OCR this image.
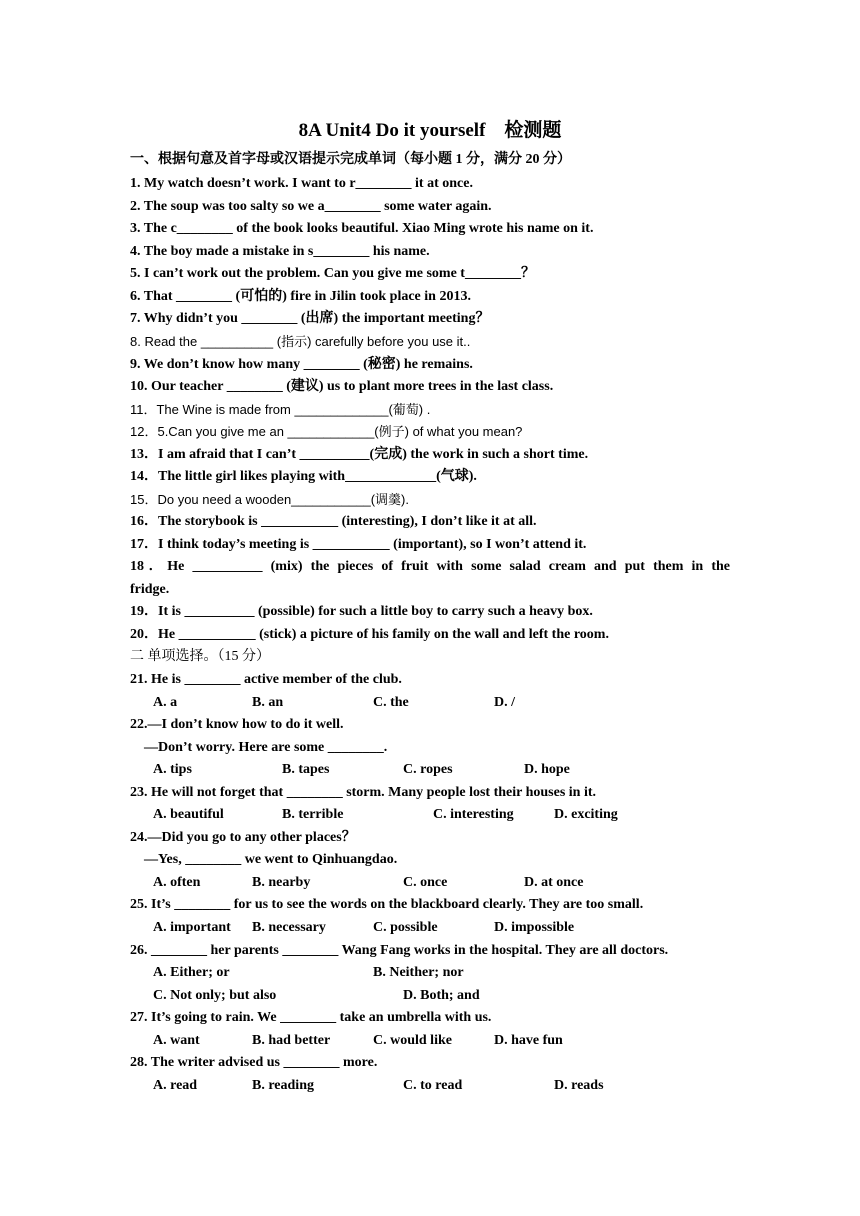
8A Unit4 Do it yourself　检测题
一、根据句意及首字母或汉语提示完成单词（每小题 1 分，满分 20 分）
1. My watch doesn’t work. I want to r________ it at once.
2. The soup was too salty so we a________ some water again.
3. The c________ of the book looks beautiful. Xiao Ming wrote his name on it.
4. The boy made a mistake in s________ his name.
5. I can’t work out the problem. Can you give me some t________？
6. That ________ (可怕的) fire in Jilin took place in 2013.
7. Why didn’t you ________ (出席) the important meeting？
8. Read the __________ (指示) carefully before you use it..
9. We don’t know how many ________ (秘密) he remains.
10. Our teacher ________ (建议) us to plant more trees in the last class.
11．The Wine is made from _____________(葡萄) .
12．5.Can you give me an ____________(例子) of what you mean?
13．I am afraid that I can’t __________(完成) the work in such a short time.
14．The little girl likes playing with_____________(气球).
15．Do you need a wooden___________(调羹).
16．The storybook is ___________ (interesting), I don’t like it at all.
17．I think today’s meeting is ___________ (important), so I won’t attend it.
18．He __________ (mix) the pieces of fruit with some salad cream and put them in the
fridge.
19．It is __________ (possible) for such a little boy to carry such a heavy box.
20．He ___________ (stick) a picture of his family on the wall and left the room.
二 单项选择。（15 分）
21. He is ________ active member of the club.
A. a	B. an	C. the	D. /
22.—I don’t know how to do it well.
—Don’t worry. Here are some ________.
A. tips	B. tapes	C. ropes	D. hope
23. He will not forget that ________ storm. Many people lost their houses in it.
A. beautiful	B. terrible	C. interesting	D. exciting
24.—Did you go to any other places？
—Yes, ________ we went to Qinhuangdao.
A. often	B. nearby	C. once	D. at once
25. It’s ________ for us to see the words on the blackboard clearly. They are too small.
A. important B. necessary	C. possible	D. impossible
26. ________ her parents ________ Wang Fang works in the hospital. They are all doctors.
A. Either; or	B. Neither; nor
C. Not only; but also	D. Both; and
27. It’s going to rain. We ________ take an umbrella with us.
A. want	B. had better	C. would like	D. have fun
28. The writer advised us ________ more.
A. read	B. reading	C. to read	D. reads
